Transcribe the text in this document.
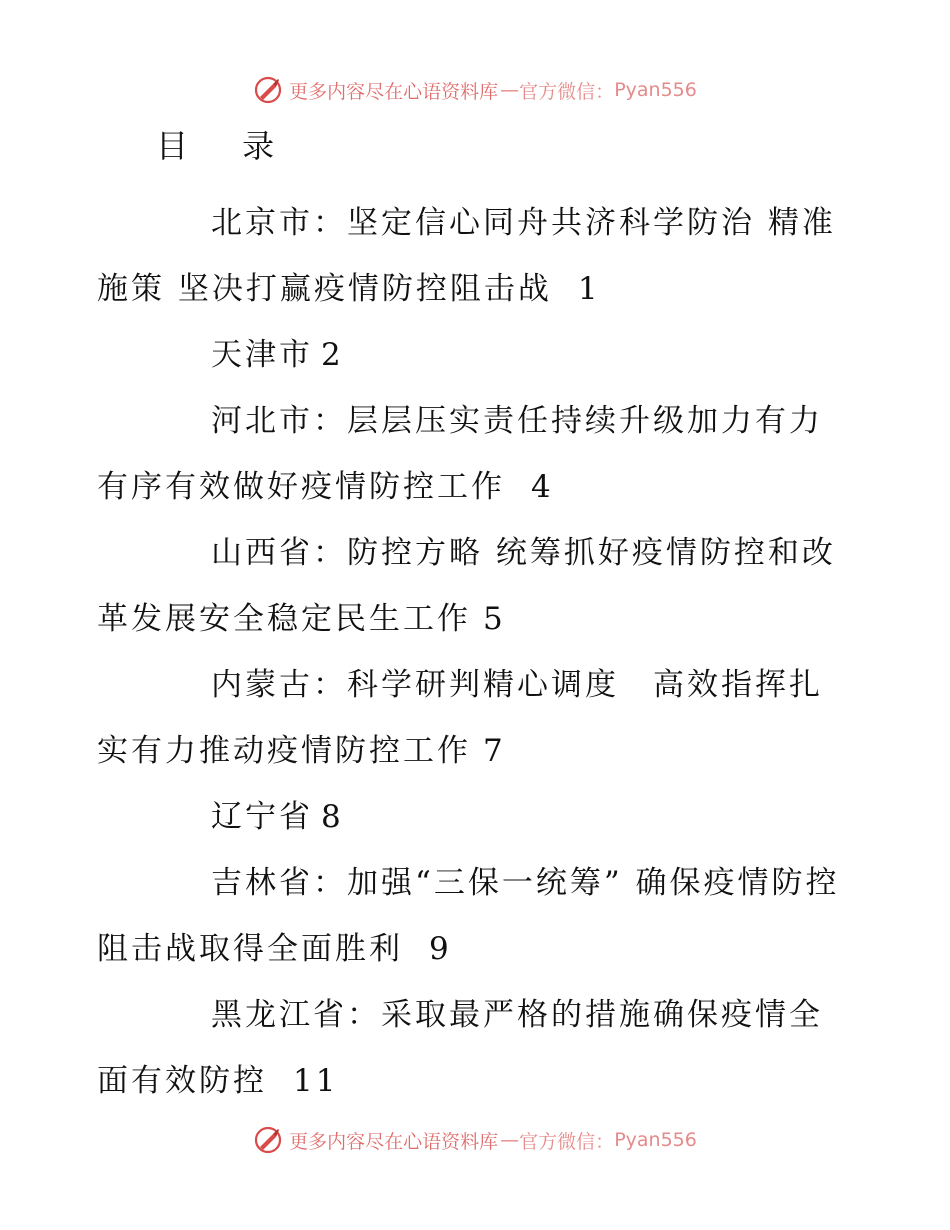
更多内容尽在心语资料库 — 官方微信： Pyan556
目 录
北京市：坚定信心同舟共济科学防治 精准施策 坚决打赢疫情防控阻击战 1
天津市 2
河北市：层层压实责任持续升级加力有力有序有效做好疫情防控工作 4
山西省：防控方略 统筹抓好疫情防控和改革发展安全稳定民生工作 5
内蒙古：科学研判精心调度　高效指挥扎实有力推动疫情防控工作 7
辽宁省 8
吉林省：加强“三保一统筹” 确保疫情防控阻击战取得全面胜利 9
黑龙江省：采取最严格的措施确保疫情全面有效防控 11
更多内容尽在心语资料库 — 官方微信： Pyan556
